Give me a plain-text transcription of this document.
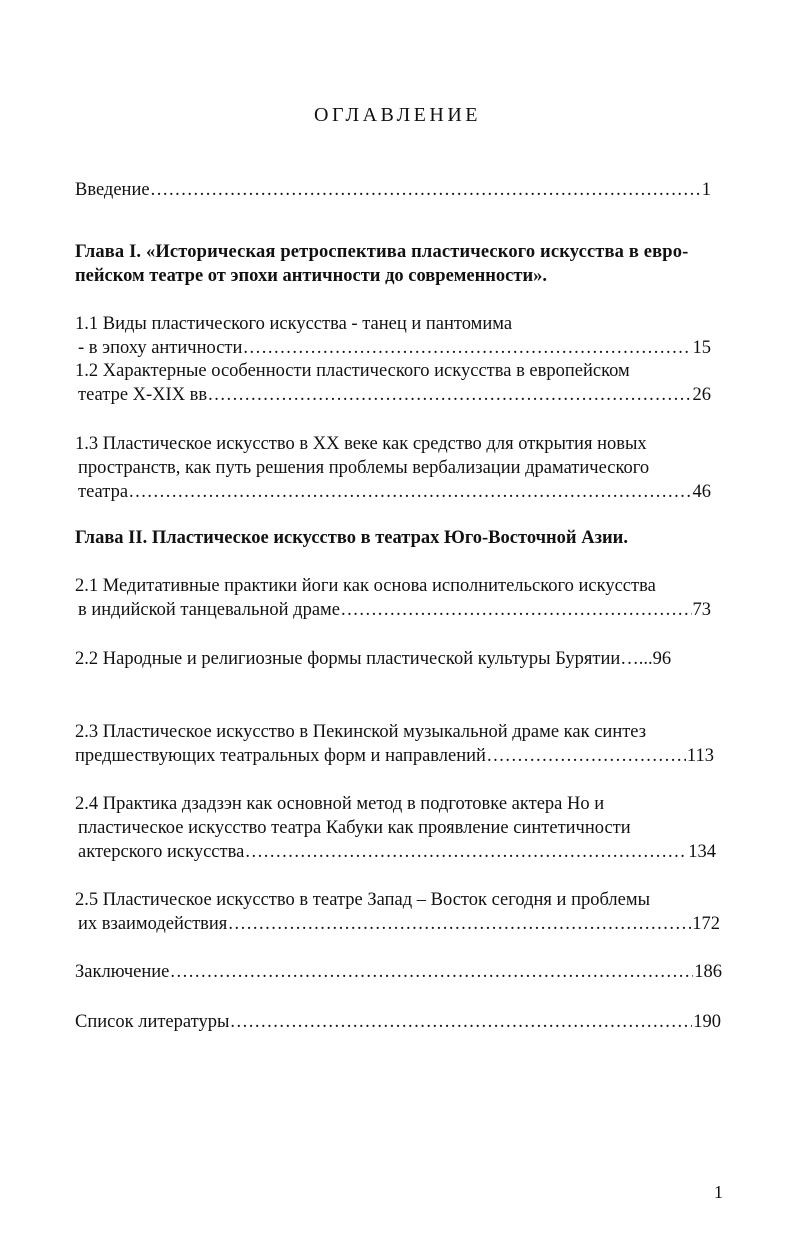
ОГЛАВЛЕНИЕ
Введение .....	1
Глава I. «Историческая ретроспектива пластического искусства в евро-
пейском театре от эпохи античности до современности».
1.1 Виды пластического искусства - танец и пантомима
- в эпоху античности .....	15
1.2 Характерные особенности пластического искусства в европейском
театре X-XIX вв .....	26
1.3 Пластическое искусство в XX веке как средство для открытия новых
пространств, как путь решения проблемы вербализации драматического
театра .....	46
Глава II. Пластическое искусство в театрах Юго-Восточной Азии.
2.1 Медитативные практики йоги как основа исполнительского искусства
в индийской танцевальной драме .....	73
2.2 Народные и религиозные формы пластической культуры Бурятии…...96
2.3 Пластическое искусство в Пекинской музыкальной драме как синтез
предшествующих театральных форм и направлений .....	113
2.4 Практика дзадзэн как основной метод в подготовке актера Но и
пластическое искусство театра Кабуки как проявление синтетичности
актерского искусства .....	134
2.5 Пластическое искусство в театре Запад – Восток сегодня и проблемы
их взаимодействия .....	172
Заключение .....	186
Список литературы .....	190
1
